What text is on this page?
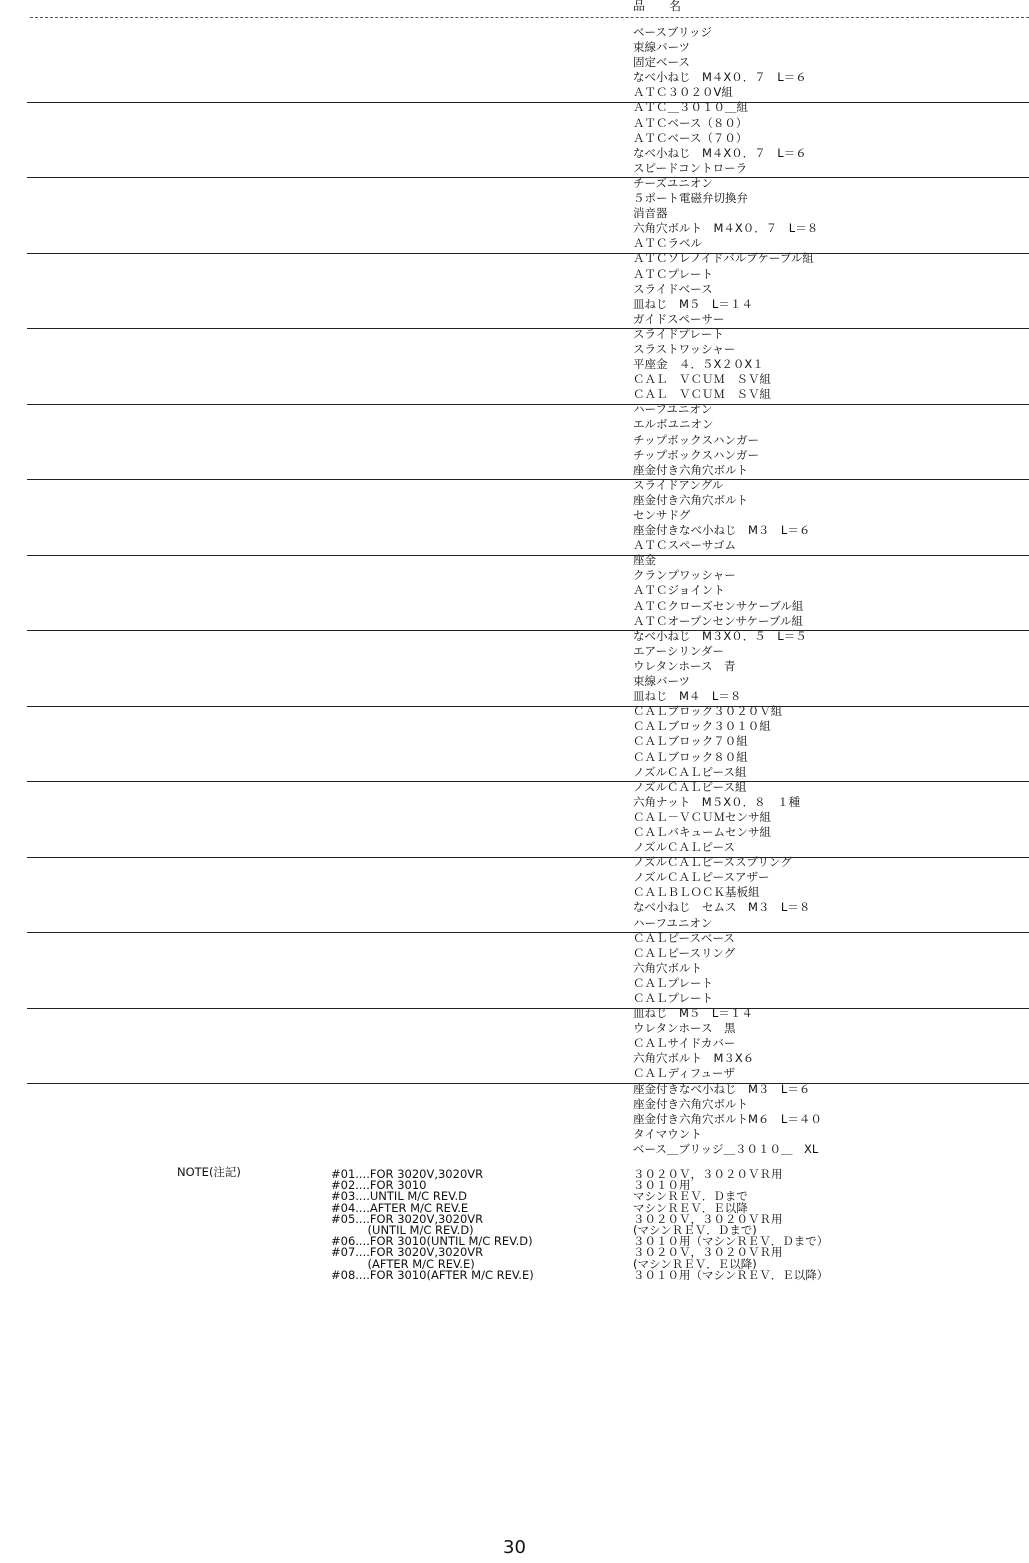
品　名
ベースブリッジ
束線バーツ
固定ベース
なべ小ねじ　M４X０．７　L＝６
ＡＴＣ３０２０V組
ＡＴＣ＿３０１０＿組
ＡＴＣベース（８０）
ＡＴＣベース（７０）
なべ小ねじ　M４X０．７　L＝６
スピードコントローラ
チーズユニオン
５ポート電磁弁切換弁
消音器
六角穴ボルト　M４X０．７　L＝８
ＡＴＣラベル
ＡＴＣソレノイドバルブケーブル組
ＡＴＣプレート
スライドベース
皿ねじ　M５　L＝１４
ガイドスペーサー
スライドプレート
スラストワッシャー
平座金　４．５X２０X１
ＣＡＬ　ＶＣＵＭ　ＳＶ組
ＣＡＬ　ＶＣＵＭ　ＳＶ組
ハーフユニオン
エルボユニオン
チップボックスハンガー
チップボックスハンガー
座金付き六角穴ボルト
スライドアングル
座金付き六角穴ボルト
センサドグ
座金付きなべ小ねじ　M３　L＝６
ＡＴＣスペーサゴム
座金
クランプワッシャー
ＡＴＣジョイント
ＡＴＣクローズセンサケーブル組
ＡＴＣオープンセンサケーブル組
なべ小ねじ　M３X０．５　L＝５
エアーシリンダー
ウレタンホース　青
束線バーツ
皿ねじ　M４　L＝８
ＣＡＬブロック３０２０Ｖ組
ＣＡＬブロック３０１０組
ＣＡＬブロック７０組
ＣＡＬブロック８０組
ノズルＣＡＬピース組
ノズルＣＡＬピース組
六角ナット　M５X０．８　１種
ＣＡＬ－ＶＣＵＭセンサ組
ＣＡＬバキュームセンサ組
ノズルＣＡＬピース
ノズルＣＡＬピーススプリング
ノズルＣＡＬピースアザー
ＣＡＬＢＬＯＣＫ基板組
なべ小ねじ　セムス　M３　L＝８
ハーフユニオン
ＣＡＬピースベース
ＣＡＬピースリング
六角穴ボルト
ＣＡＬプレート
ＣＡＬプレート
皿ねじ　M５　L＝１４
ウレタンホース　黒
ＣＡＬサイドカバー
六角穴ボルト　M３X６
ＣＡＬディフューザ
座金付きなべ小ねじ　M３　L＝６
座金付き六角穴ボルト
座金付き六角穴ボルトM６　L＝４０
タイマウント
ベース＿ブリッジ＿３０１０＿　XL
NOTE(注記)	#01....FOR 3020V,3020VR
#02....FOR 3010
#03....UNTIL M/C REV.D
#04....AFTER M/C REV.E
#05....FOR 3020V,3020VR
(UNTIL M/C REV.D)
#06....FOR 3010(UNTIL M/C REV.D)
#07....FOR 3020V,3020VR
(AFTER M/C REV.E)
#08....FOR 3010(AFTER M/C REV.E)
３０２０Ｖ，３０２０ＶＲ用
３０１０用
マシンＲＥＶ．Ｄまで
マシンＲＥＶ．Ｅ以降
３０２０Ｖ，３０２０ＶＲ用
(マシンＲＥＶ．Ｄまで)
３０１０用（マシンＲＥＶ．Ｄまで）
３０２０Ｖ，３０２０ＶＲ用
(マシンＲＥＶ．Ｅ以降)
３０１０用（マシンＲＥＶ．Ｅ以降）
30
